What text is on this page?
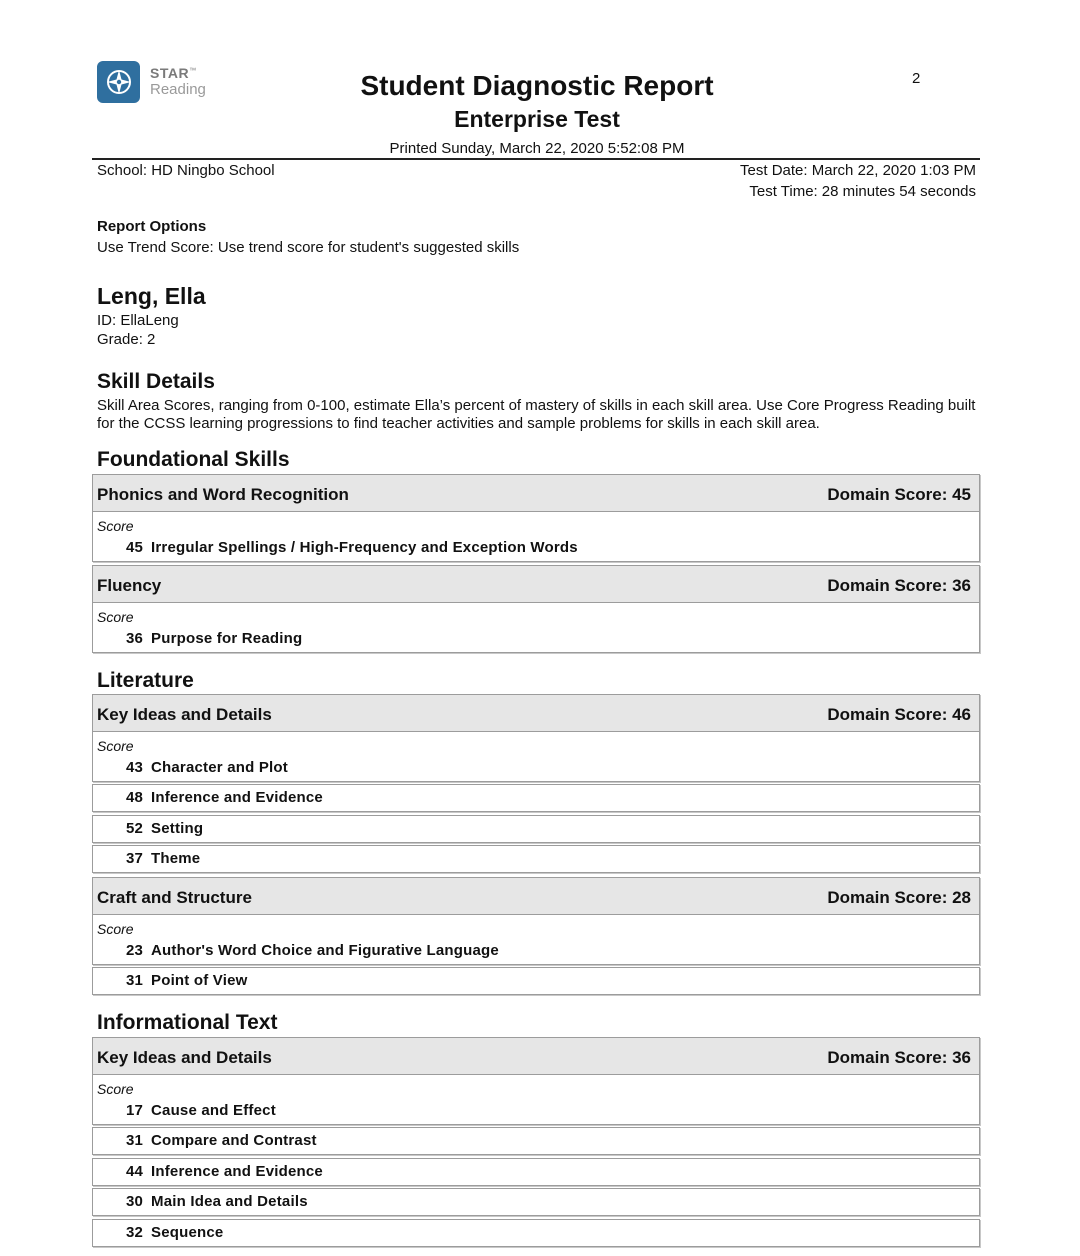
STAR™
Reading
2
Student Diagnostic Report
Enterprise Test
Printed Sunday, March 22, 2020 5:52:08 PM
School: HD Ningbo School	Test Date: March 22, 2020 1:03 PM
Test Time: 28 minutes 54 seconds
Report Options
Use Trend Score: Use trend score for student's suggested skills
Leng, Ella
ID: EllaLeng
Grade: 2
Skill Details
Skill Area Scores, ranging from 0-100, estimate Ella’s percent of mastery of skills in each skill area. Use Core Progress Reading built for the CCSS learning progressions to find teacher activities and sample problems for skills in each skill area.
Foundational Skills
Phonics and Word Recognition	Domain Score: 45
Score
45 Irregular Spellings / High-Frequency and Exception Words
Fluency	Domain Score: 36
Score
36 Purpose for Reading
Literature
Key Ideas and Details	Domain Score: 46
Score
43 Character and Plot
48 Inference and Evidence
52 Setting
37 Theme
Craft and Structure	Domain Score: 28
Score
23 Author's Word Choice and Figurative Language
31 Point of View
Informational Text
Key Ideas and Details	Domain Score: 36
Score
17 Cause and Effect
31 Compare and Contrast
44 Inference and Evidence
30 Main Idea and Details
32 Sequence
